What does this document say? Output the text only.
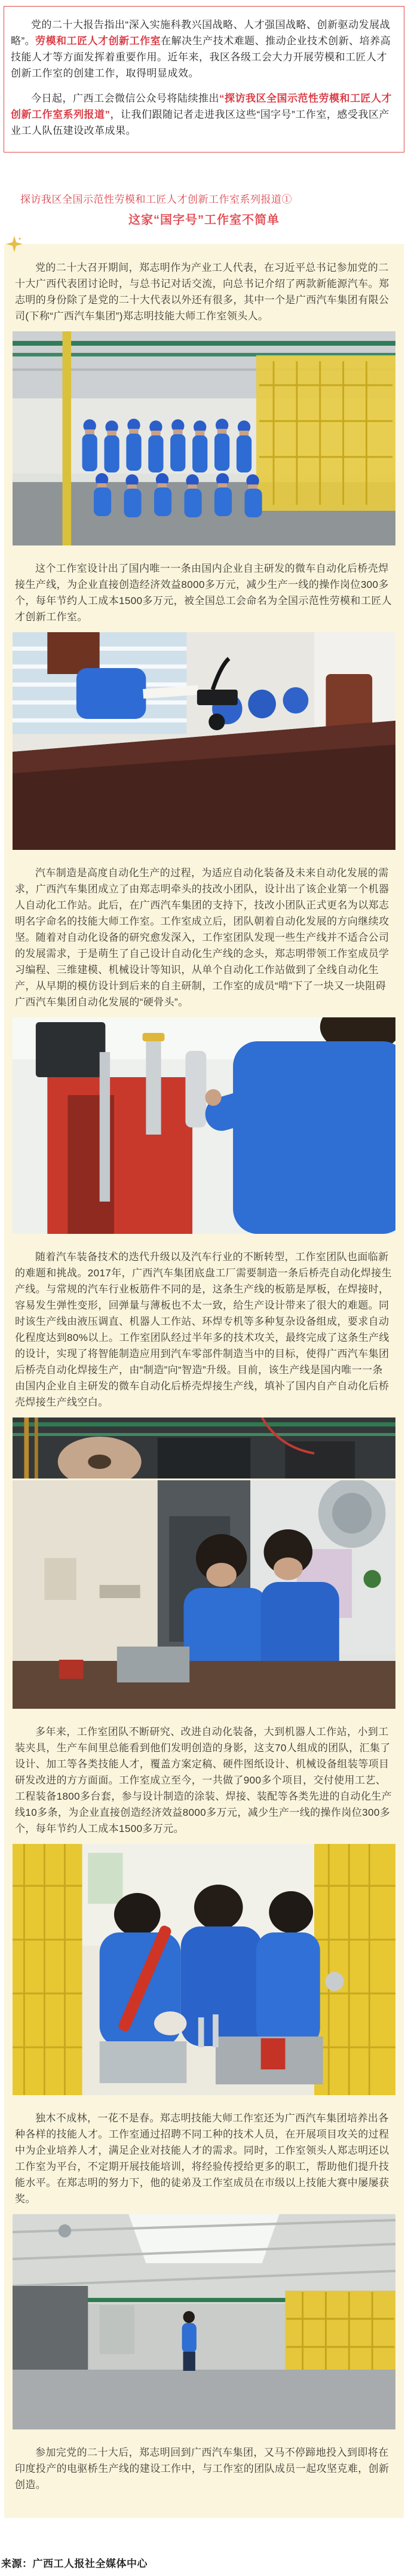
党的二十大报告指出“深入实施科教兴国战略、人才强国战略、创新驱动发展战略”。劳模和工匠人才创新工作室在解决生产技术难题、推动企业技术创新、培养高技能人才等方面发挥着重要作用。近年来，我区各级工会大力开展劳模和工匠人才创新工作室的创建工作，取得明显成效。

今日起，广西工会微信公众号将陆续推出“探访我区全国示范性劳模和工匠人才创新工作室系列报道”，让我们跟随记者走进我区这些“国字号”工作室，感受我区产业工人队伍建设改革成果。

探访我区全国示范性劳模和工匠人才创新工作室系列报道①
这家“国字号”工作室不简单

党的二十大召开期间，郑志明作为产业工人代表，在习近平总书记参加党的二十大广西代表团讨论时，与总书记对话交流，向总书记介绍了两款新能源汽车。郑志明的身份除了是党的二十大代表以外还有很多，其中一个是广西汽车集团有限公司(下称“广西汽车集团”)郑志明技能大师工作室领头人。

这个工作室设计出了国内唯一一条由国内企业自主研发的微车自动化后桥壳焊接生产线，为企业直接创造经济效益8000多万元，减少生产一线的操作岗位300多个，每年节约人工成本1500多万元，被全国总工会命名为全国示范性劳模和工匠人才创新工作室。

汽车制造是高度自动化生产的过程，为适应自动化装备及未来自动化发展的需求，广西汽车集团成立了由郑志明牵头的技改小团队，设计出了该企业第一个机器人自动化工作站。此后，在广西汽车集团的支持下，技改小团队正式更名为以郑志明名字命名的技能大师工作室。工作室成立后，团队朝着自动化发展的方向继续攻坚。随着对自动化设备的研究愈发深入，工作室团队发现一些生产线并不适合公司的发展需求，于是萌生了自己设计自动化生产线的念头，郑志明带领工作室成员学习编程、三维建模、机械设计等知识，从单个自动化工作站做到了全线自动化生产，从早期的模仿设计到后来的自主研制，工作室的成员“啃”下了一块又一块阻碍广西汽车集团自动化发展的“硬骨头”。

随着汽车装备技术的迭代升级以及汽车行业的不断转型，工作室团队也面临新的难题和挑战。2017年，广西汽车集团底盘工厂需要制造一条后桥壳自动化焊接生产线。与常规的汽车行业板筋件不同的是，这条生产线的板筋是厚板，在焊接时，容易发生弹性变形，回弹量与薄板也不太一致，给生产设计带来了很大的难题。同时该生产线由液压调直、机器人工作站、环焊专机等多种复杂设备组成，要求自动化程度达到80%以上。工作室团队经过半年多的技术攻关，最终完成了这条生产线的设计，实现了将智能制造应用到汽车零部件制造当中的目标，使得广西汽车集团后桥壳自动化焊接生产，由“制造”向“智造”升级。目前，该生产线是国内唯一一条由国内企业自主研发的微车自动化后桥壳焊接生产线，填补了国内自产自动化后桥壳焊接生产线空白。

多年来，工作室团队不断研究、改进自动化装备，大到机器人工作站，小到工装夹具，生产车间里总能看到他们发明创造的身影，这支70人组成的团队，汇集了设计、加工等各类技能人才，覆盖方案定稿、硬件图纸设计、机械设备组装等项目研发改进的方方面面。工作室成立至今，一共做了900多个项目，交付使用工艺、工程装备1800多台套，参与设计制造的涂装、焊接、装配等各类先进的自动化生产线10多条，为企业直接创造经济效益8000多万元，减少生产一线的操作岗位300多个，每年节约人工成本1500多万元。

独木不成林，一花不是春。郑志明技能大师工作室还为广西汽车集团培养出各种各样的技能人才。工作室通过招聘不同工种的技术人员，在开展项目攻关的过程中为企业培养人才，满足企业对技能人才的需求。同时，工作室领头人郑志明还以工作室为平台，不定期开展技能培训，将经验传授给更多的职工，帮助他们提升技能水平。在郑志明的努力下，他的徒弟及工作室成员在市级以上技能大赛中屡屡获奖。

参加完党的二十大后，郑志明回到广西汽车集团，又马不停蹄地投入到即将在印度投产的电驱桥生产线的建设工作中，与工作室的团队成员一起攻坚克难，创新创造。

来源：广西工人报社全媒体中心
